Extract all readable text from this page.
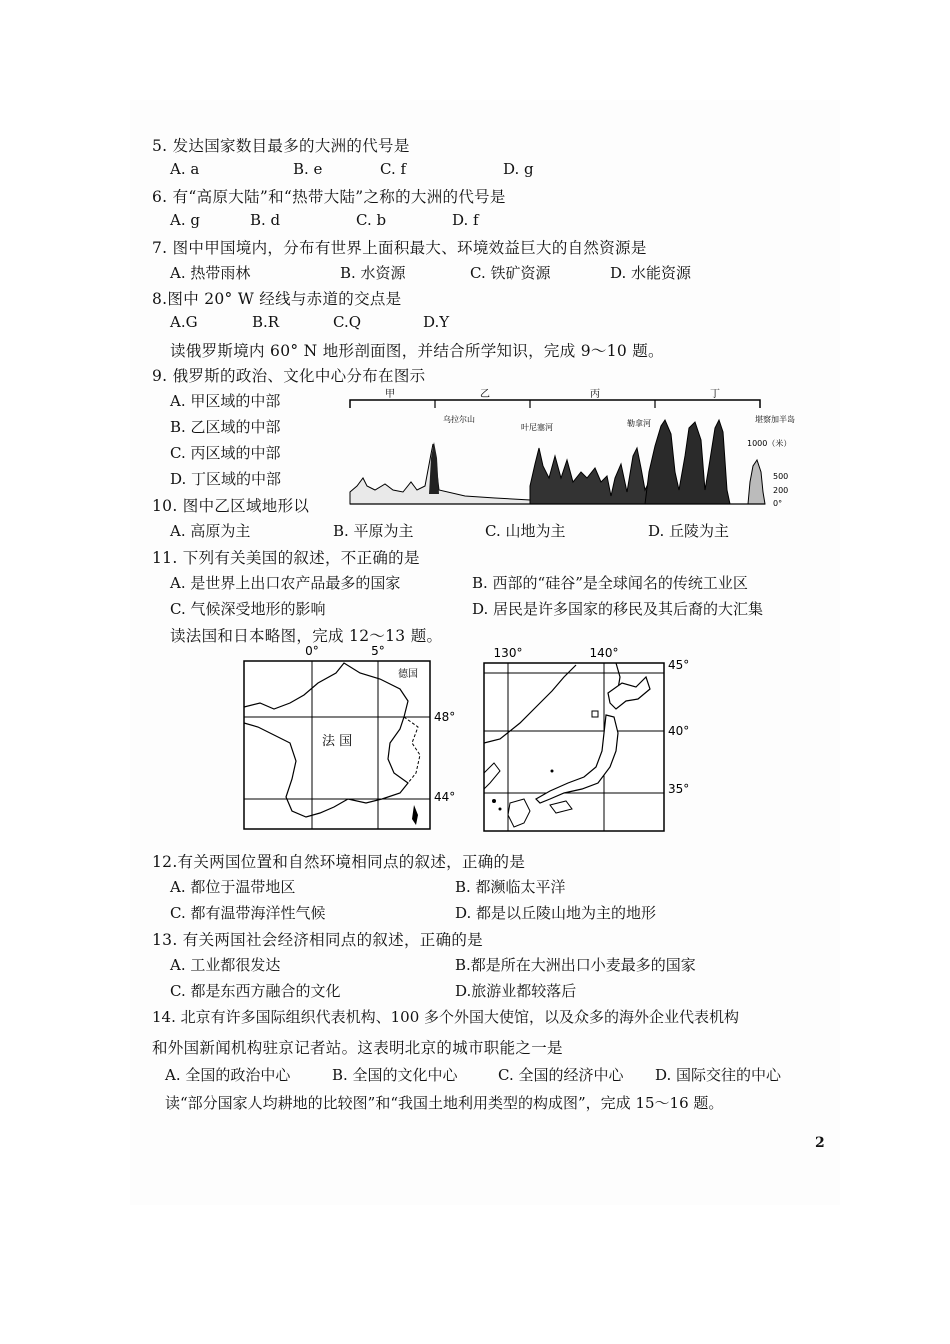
5. 发达国家数目最多的大洲的代号是
A. a	B. e	C. f	D. g
6. 有“高原大陆”和“热带大陆”之称的大洲的代号是
A. g	B. d	C. b	D. f
7. 图中甲国境内，分布有世界上面积最大、环境效益巨大的自然资源是
A. 热带雨林	B. 水资源	C. 铁矿资源	D. 水能资源
8.图中 20° W 经线与赤道的交点是
A.G	B.R	C.Q	D.Y
读俄罗斯境内 60° N 地形剖面图，并结合所学知识，完成 9～10 题。
9. 俄罗斯的政治、文化中心分布在图示
A. 甲区域的中部
B. 乙区域的中部
C. 丙区域的中部
D. 丁区域的中部
甲	乙	丙	丁
乌拉尔山
叶尼塞河	勒拿河	堪察加半岛
1000（米）
500
200
0°
10. 图中乙区域地形以
A. 高原为主	B. 平原为主	C. 山地为主	D. 丘陵为主
11. 下列有关美国的叙述，不正确的是
A. 是世界上出口农产品最多的国家	B. 西部的“硅谷”是全球闻名的传统工业区
C. 气候深受地形的影响	D. 居民是许多国家的移民及其后裔的大汇集
读法国和日本略图，完成 12～13 题。
0°	5°
德国
法 国
48°
44°
130°	140°
45°
40°
35°
12.有关两国位置和自然环境相同点的叙述，正确的是
A. 都位于温带地区	B. 都濒临太平洋
C. 都有温带海洋性气候	D. 都是以丘陵山地为主的地形
13. 有关两国社会经济相同点的叙述，正确的是
A. 工业都很发达	B.都是所在大洲出口小麦最多的国家
C. 都是东西方融合的文化	D.旅游业都较落后
14. 北京有许多国际组织代表机构、100 多个外国大使馆，以及众多的海外企业代表机构
和外国新闻机构驻京记者站。这表明北京的城市职能之一是
A. 全国的政治中心	B. 全国的文化中心	C. 全国的经济中心 D. 国际交往的中心
读“部分国家人均耕地的比较图”和“我国土地利用类型的构成图”，完成 15～16 题。
2
